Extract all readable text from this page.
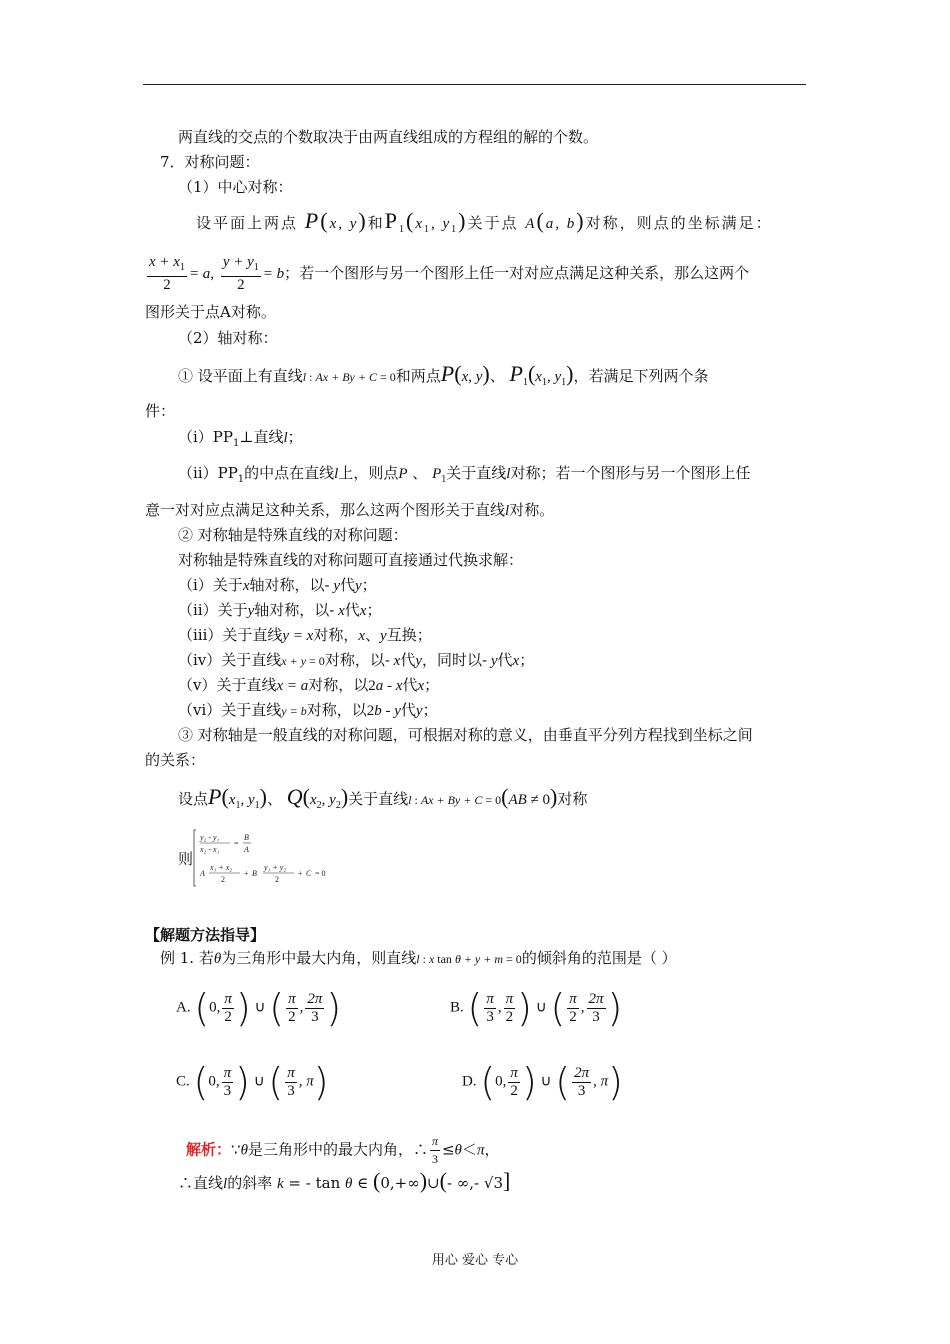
两直线的交点的个数取决于由两直线组成的方程组的解的个数。
7．对称问题：
（1）中心对称：
设平面上两点 P(x, y)和$P_1(x_1$, $y_1$)关于点 A(a, b)对称，则点的坐标满足：
$\frac{x + x_1}{2} = a$, $\frac{y + y_1}{2} = b$；若一个图形与另一个图形上任一对对应点满足这种关系，那么这两个
图形关于点A对称。
（2）轴对称：
① 设平面上有直线l : Ax + By + C = 0和两点P(x, y)、 $P_1(x_1$, $y_1$)，若满足下列两个条
件：
$(ⅰ)PP_1\perp$直线l；
$(ⅱ)PP_1$的中点在直线l上，则点P 、 $P_1$关于直线l对称；若一个图形与另一个图形上任
意一对对应点满足这种关系，那么这两个图形关于直线l对称。
② 对称轴是特殊直线的对称问题：
对称轴是特殊直线的对称问题可直接通过代换求解：
（ⅰ）关于x轴对称，以- y代y；
（ⅱ）关于y轴对称，以- x代x；
（ⅲ）关于直线y = x对称，x、y互换；
（ⅳ）关于直线x + y = 0对称，以- x代y，同时以- y代x；
（ⅴ）关于直线x = a对称，以2a - x代x；
（ⅵ）关于直线y = b对称，以2b - y代y；
③ 对称轴是一般直线的对称问题，可根据对称的意义，由垂直平分列方程找到坐标之间
的关系：
设点$P(x_1$, $y_1$)、 $Q(x_2$, $y_2$)关于直线l : Ax + By + C = 0(AB ≠ 0)对称
则
y₂ - y₁
x₂ - x₁
=
B
A
A
x₁ + x₂
2
+ B
y₁ + y₂
2
+ C = 0
【解题方法指导】
例 1. 若θ为三角形中最大内角，则直线l : x tan θ + y + m = 0的倾斜角的范围是（ ）
A. (0, $\frac{\pi}{2}$ ) ∪ ( $\frac{\pi}{2}$ , $\frac{2\pi}{3}$ )	B. ( $\frac{\pi}{3}$ , $\frac{\pi}{2}$ ) ∪ ( $\frac{\pi}{2}$ , $\frac{2\pi}{3}$ )
C. (0, $\frac{\pi}{3}$ ) ∪ ( $\frac{\pi}{3}$ , π)	D. (0, $\frac{\pi}{2}$ ) ∪ ( $\frac{2\pi}{3}$ , π)
解析：∵θ是三角形中的最大内角，∴ $\frac{\pi}{3} \le\theta<\pi$，
∴直线l的斜率 k = - tan θ ∈ (0,+∞)∪(- ∞,- √3]
用心 爱心 专心
